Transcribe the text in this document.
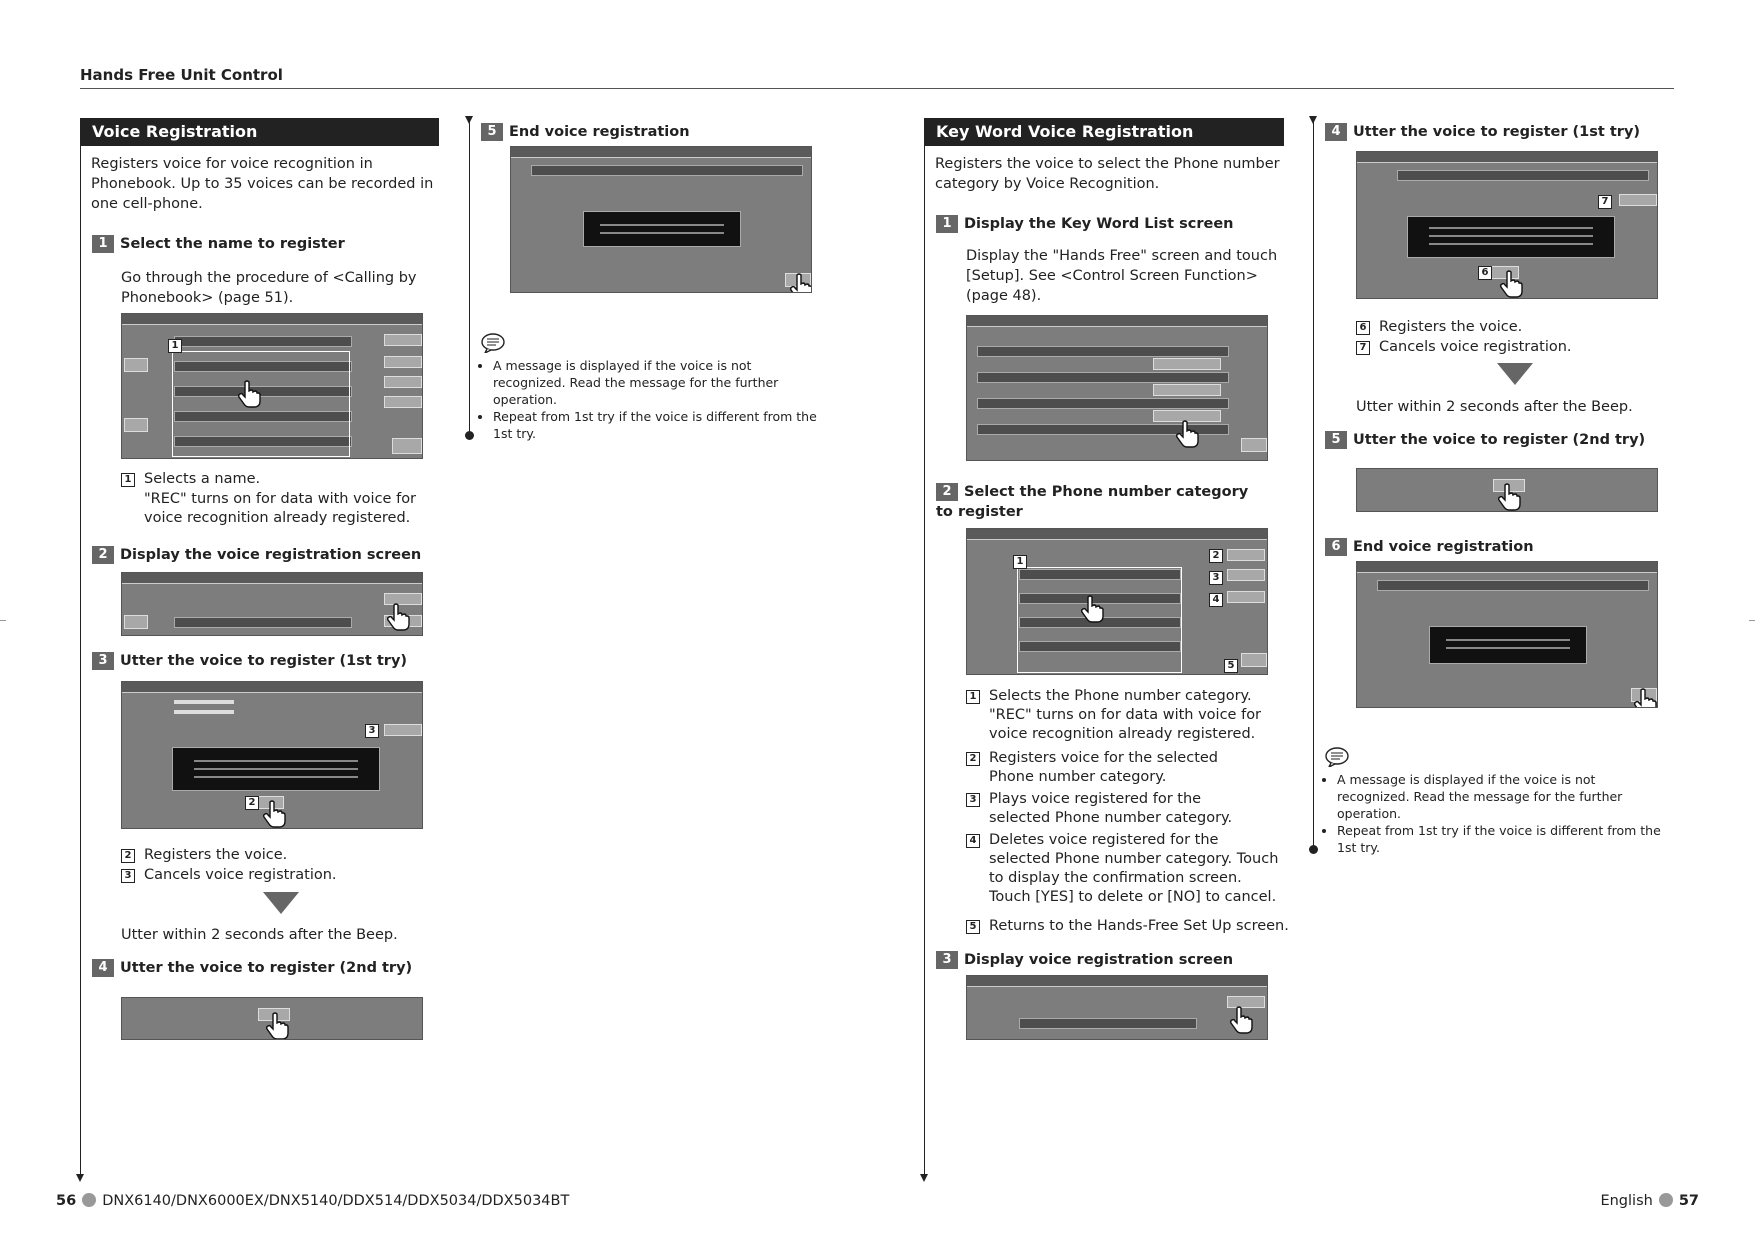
Hands Free Unit Control
Voice Registration
Registers voice for voice recognition in Phonebook. Up to 35 voices can be recorded in one cell-phone.
1 Select the name to register
Go through the procedure of <Calling by Phonebook> (page 51).
1
1 Selects a name.
"REC" turns on for data with voice for voice recognition already registered.
2 Display the voice registration screen
3 Utter the voice to register (1st try)
3
2
2 Registers the voice.
3 Cancels voice registration.
Utter within 2 seconds after the Beep.
4 Utter the voice to register (2nd try)
5 End voice registration
• A message is displayed if the voice is not recognized. Read the message for the further operation.
• Repeat from 1st try if the voice is different from the 1st try.
Key Word Voice Registration
Registers the voice to select the Phone number category by Voice Recognition.
1 Display the Key Word List screen
Display the "Hands Free" screen and touch [Setup]. See <Control Screen Function> (page 48).
2 Select the Phone number category to register
1
2
3
4
5
1 Selects the Phone number category. "REC" turns on for data with voice for voice recognition already registered.
2 Registers voice for the selected Phone number category.
3 Plays voice registered for the selected Phone number category.
4 Deletes voice registered for the selected Phone number category. Touch to display the confirmation screen. Touch [YES] to delete or [NO] to cancel.
5 Returns to the Hands-Free Set Up screen.
3 Display voice registration screen
4 Utter the voice to register (1st try)
7
6
6 Registers the voice.
7 Cancels voice registration.
Utter within 2 seconds after the Beep.
5 Utter the voice to register (2nd try)
6 End voice registration
• A message is displayed if the voice is not recognized. Read the message for the further operation.
• Repeat from 1st try if the voice is different from the 1st try.
56 DNX6140/DNX6000EX/DNX5140/DDX514/DDX5034/DDX5034BT	English 57
